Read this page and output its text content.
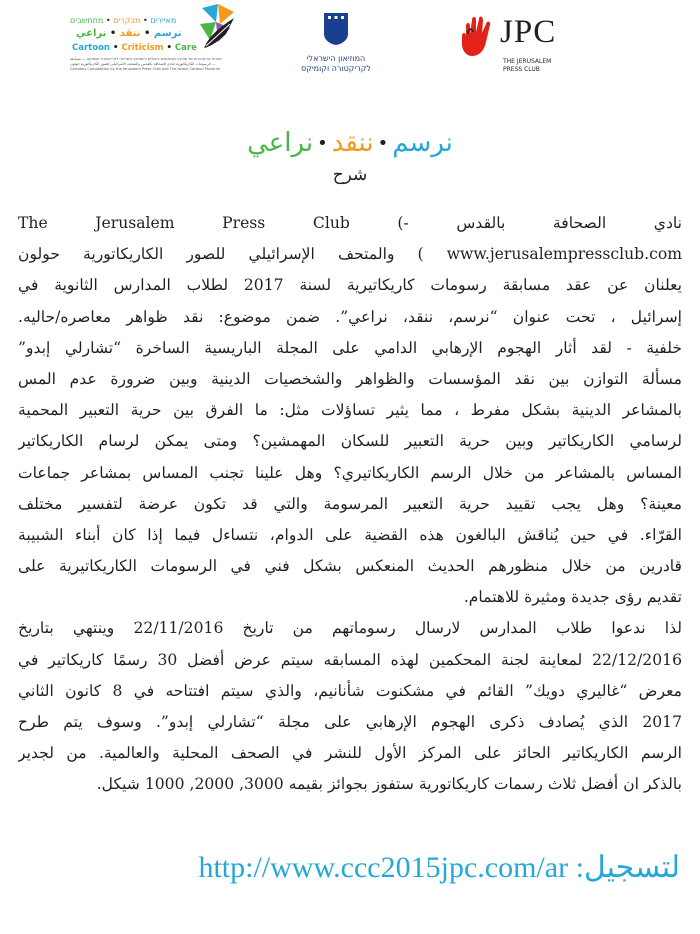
מאיירים • מבקרים • מתחשבים
نرسم • ننقد • نراعي
Cartoon • Criticism • Care
תחרות קריקטורות של מועדון העיתונאים ירושלים והמוזיאון הישראלי לקריקטורה וקומיקס — مسابقة الرسومات الكاريكاتورية لنادي الصحافة بالقدس والمتحف الاسرائيلي للصور الكاريكاتورية حولون — Cartoons Competition by the Jerusalem Press Club and The Israeli Cartoon Museum
המוזיאון הישראלי
לקריקטורה וקומיקס
JPC
THE JERUSALEM
PRESS CLUB
نرسم•ننقد•نراعي
شرح
نادي الصحافة بالقدس -) The Jerusalem Press Club
www.jerusalempressclub.com ) والمتحف الإسرائيلي للصور الكاريكاتورية حولون
يعلنان عن عقد مسابقة رسومات كاريكاتيرية لسنة 2017 لطلاب المدارس الثانوية في
إسرائيل ، تحت عنوان “نرسم، ننقد، نراعي”. ضمن موضوع: نقد ظواهر معاصره/حاليه.
خلفية - لقد أثار الهجوم الإرهابي الدامي على المجلة الباريسية الساخرة “تشارلي إبدو”
مسألة التوازن بين نقد المؤسسات والظواهر والشخصيات الدينية وبين ضرورة عدم المس
بالمشاعر الدينية بشكل مفرط ، مما يثير تساؤلات مثل: ما الفرق بين حرية التعبير المحمية
لرسامي الكاريكاتير وبين حرية التعبير للسكان المهمشين؟ ومتى يمكن لرسام الكاريكاتير
المساس بالمشاعر من خلال الرسم الكاريكاتيري؟ وهل علينا تجنب المساس بمشاعر جماعات
معينة؟ وهل يجب تقييد حرية التعبير المرسومة والتي قد تكون عرضة لتفسير مختلف
القرّاء. في حين يُناقش البالغون هذه القضية على الدوام، نتساءل فيما إذا كان أبناء الشبيبة
قادرين من خلال منظورهم الحديث المنعكس بشكل فني في الرسومات الكاريكاتيرية على
تقديم رؤى جديدة ومثيرة للاهتمام.
لذا ندعوا طلاب المدارس لارسال رسوماتهم من تاريخ 22/11/2016 وينتهي بتاريخ
22/12/2016 لمعاينة لجنة المحكمين لهذه المسابقه سيتم عرض أفضل 30 رسمًا كاريكاتير في
معرض “غاليري دويك” القائم في مشكنوت شأنانيم، والذي سيتم افتتاحه في 8 كانون الثاني
2017 الذي يُصادف ذكرى الهجوم الإرهابي على مجلة “تشارلي إبدو”. وسوف يتم طرح
الرسم الكاريكاتير الحائز على المركز الأول للنشر في الصحف المحلية والعالمية. من لجدير
بالذكر ان أفضل ثلاث رسمات كاريكاتورية ستفوز بجوائز بقيمه 3000, 2000, 1000 شيكل.
لتسجيل: http://www.ccc2015jpc.com/ar
